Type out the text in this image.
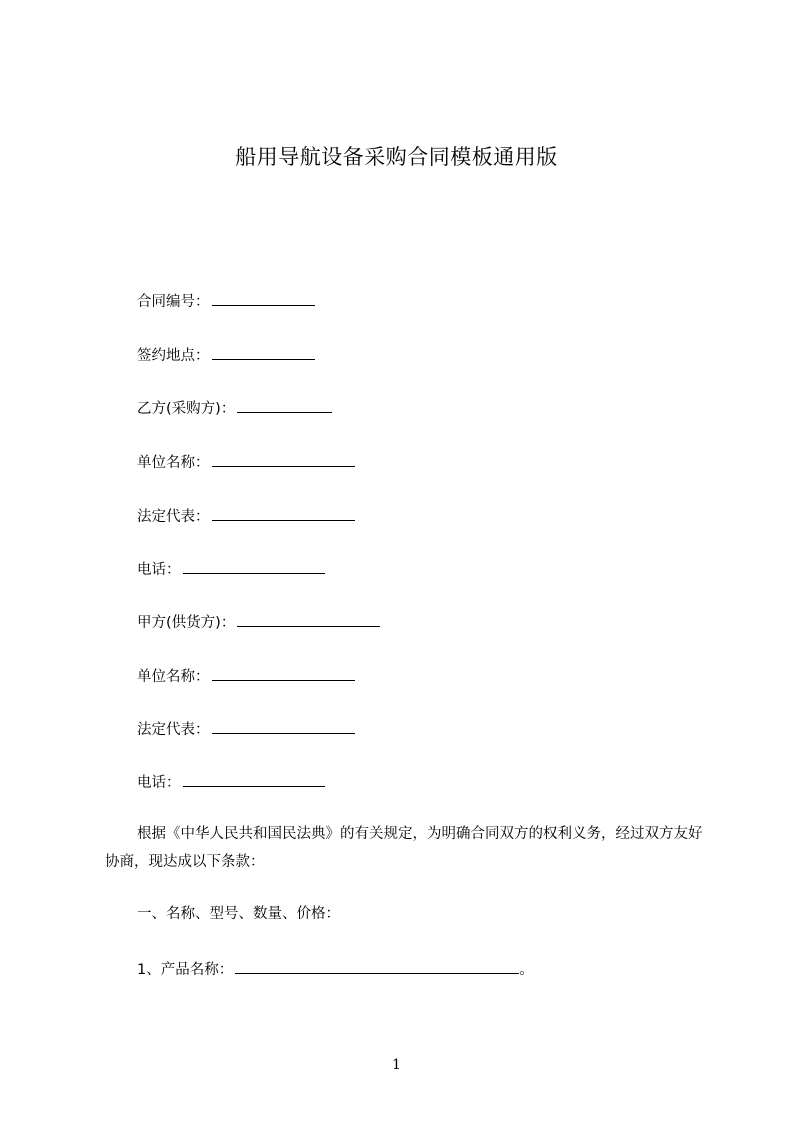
船用导航设备采购合同模板通用版
合同编号：
签约地点：
乙方(采购方)：
单位名称：
法定代表：
电话：
甲方(供货方)：
单位名称：
法定代表：
电话：
根据《中华人民共和国民法典》的有关规定，为明确合同双方的权利义务，经过双方友好协商，现达成以下条款：
一、名称、型号、数量、价格：
1、产品名称：	。
1
